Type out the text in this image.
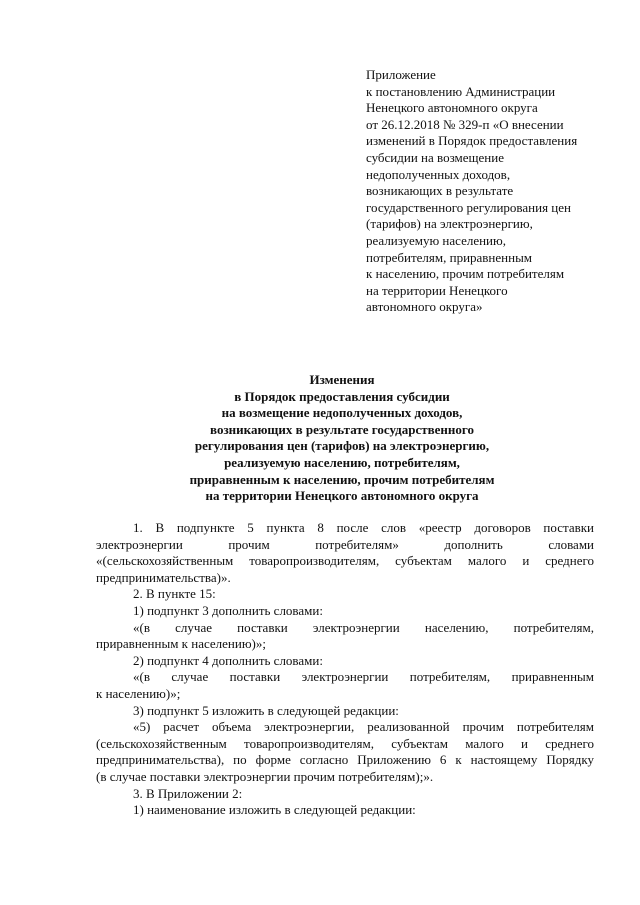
Приложение
к постановлению Администрации
Ненецкого автономного округа
от 26.12.2018 № 329-п «О внесении
изменений в Порядок предоставления
субсидии на возмещение
недополученных доходов,
возникающих в результате
государственного регулирования цен
(тарифов) на электроэнергию,
реализуемую населению,
потребителям, приравненным
к населению, прочим потребителям
на территории Ненецкого
автономного округа»
Изменения
в Порядок предоставления субсидии
на возмещение недополученных доходов,
возникающих в результате государственного
регулирования цен (тарифов) на электроэнергию,
реализуемую населению, потребителям,
приравненным к населению, прочим потребителям
на территории Ненецкого автономного округа
1. В подпункте 5 пункта 8 после слов «реестр договоров поставки
электроэнергии прочим потребителям» дополнить словами
«(сельскохозяйственным товаропроизводителям, субъектам малого и среднего
предпринимательства)».
2. В пункте 15:
1) подпункт 3 дополнить словами:
«(в случае поставки электроэнергии населению, потребителям,
приравненным к населению)»;
2) подпункт 4 дополнить словами:
«(в случае поставки электроэнергии потребителям, приравненным
к населению)»;
3) подпункт 5 изложить в следующей редакции:
«5) расчет объема электроэнергии, реализованной прочим потребителям
(сельскохозяйственным товаропроизводителям, субъектам малого и среднего
предпринимательства), по форме согласно Приложению 6 к настоящему Порядку
(в случае поставки электроэнергии прочим потребителям);».
3. В Приложении 2:
1) наименование изложить в следующей редакции:
